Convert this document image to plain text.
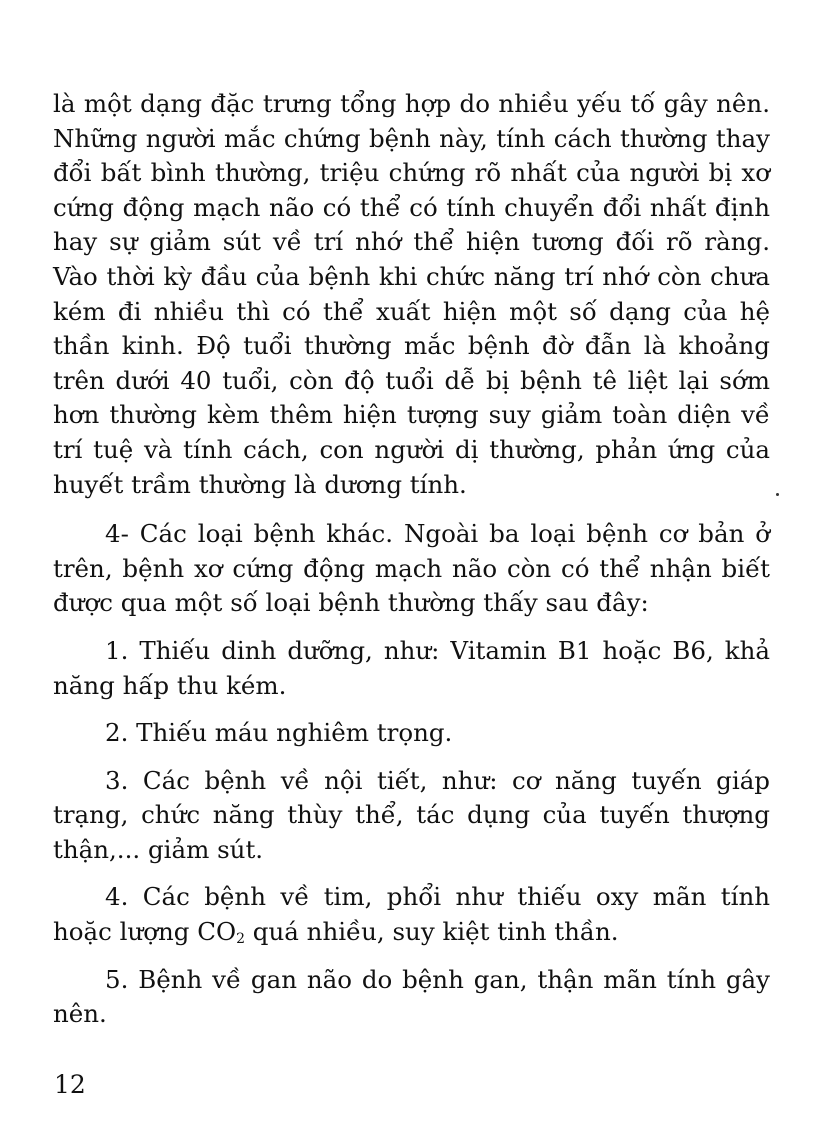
là một dạng đặc trưng tổng hợp do nhiều yếu tố gây nên. Những người mắc chứng bệnh này, tính cách thường thay đổi bất bình thường, triệu chứng rõ nhất của người bị xơ cứng động mạch não có thể có tính chuyển đổi nhất định hay sự giảm sút về trí nhớ thể hiện tương đối rõ ràng. Vào thời kỳ đầu của bệnh khi chức năng trí nhớ còn chưa kém đi nhiều thì có thể xuất hiện một số dạng của hệ thần kinh. Độ tuổi thường mắc bệnh đờ đẫn là khoảng trên dưới 40 tuổi, còn độ tuổi dễ bị bệnh tê liệt lại sớm hơn thường kèm thêm hiện tượng suy giảm toàn diện về trí tuệ và tính cách, con người dị thường, phản ứng của huyết trầm thường là dương tính.

4- Các loại bệnh khác. Ngoài ba loại bệnh cơ bản ở trên, bệnh xơ cứng động mạch não còn có thể nhận biết được qua một số loại bệnh thường thấy sau đây:

1. Thiếu dinh dưỡng, như: Vitamin B1 hoặc B6, khả năng hấp thu kém.

2. Thiếu máu nghiêm trọng.

3. Các bệnh về nội tiết, như: cơ năng tuyến giáp trạng, chức năng thùy thể, tác dụng của tuyến thượng thận,... giảm sút.

4. Các bệnh về tim, phổi như thiếu oxy mãn tính hoặc lượng $CO_2$ quá nhiều, suy kiệt tinh thần.

5. Bệnh về gan não do bệnh gan, thận mãn tính gây nên.

12
